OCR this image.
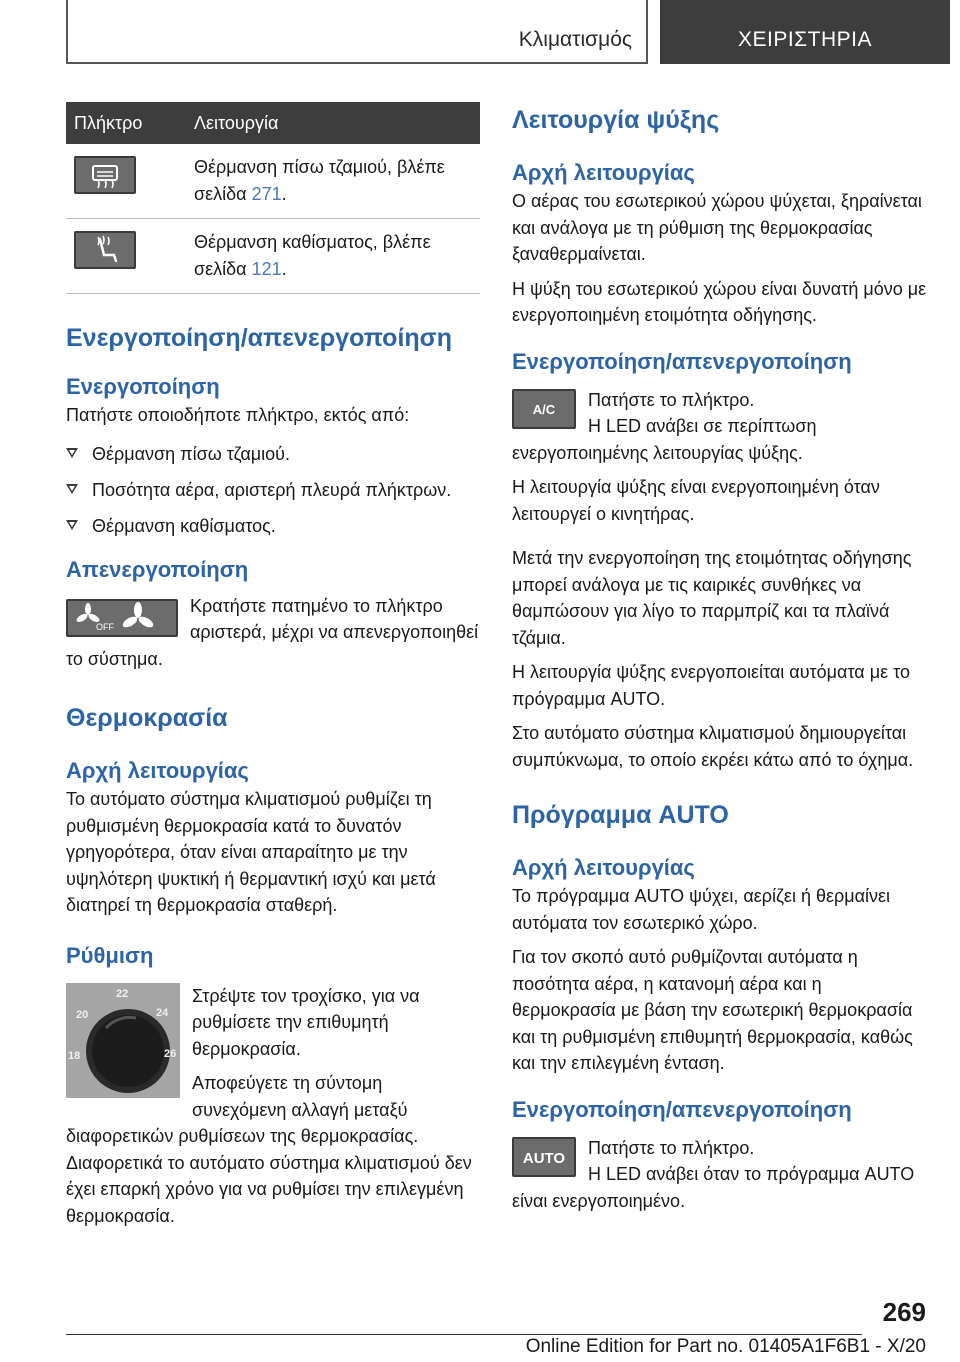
Κλιματισμός	ΧΕΙΡΙΣΤΗΡΙΑ
Πλήκτρο	Λειτουργία

	Θέρμανση πίσω τζαμιού, βλέπε σελίδα 271.

	Θέρμανση καθίσματος, βλέπε σελίδα 121.
Ενεργοποίηση/απενεργοποίηση
Ενεργοποίηση

Πατήστε οποιοδήποτε πλήκτρο, εκτός από:

Θέρμανση πίσω τζαμιού.
Ποσότητα αέρα, αριστερή πλευρά πλήκτρων.
Θέρμανση καθίσματος.
Απενεργοποίηση
OFF

Κρατήστε πατημένο το πλήκτρο αριστερά, μέχρι να απενεργοποιηθεί το σύστημα.

Θερμοκρασία
Αρχή λειτουργίας

Το αυτόματο σύστημα κλιματισμού ρυθμίζει τη ρυθμισμένη θερμοκρασία κατά το δυνατόν γρηγορότερα, όταν είναι απαραίτητο με την υψηλότερη ψυκτική ή θερμαντική ισχύ και μετά διατηρεί τη θερμοκρασία σταθερή.

Ρύθμιση
18
20
22
24
26

Στρέψτε τον τροχίσκο, για να ρυθμίσετε την επιθυμητή θερμοκρασία.

Αποφεύγετε τη σύντομη συνεχόμενη αλλαγή μεταξύ διαφορετικών ρυθμίσεων της θερμοκρασίας. Διαφορετικά το αυτόματο σύστημα κλιματισμού δεν έχει επαρκή χρόνο για να ρυθμίσει την επιλεγμένη θερμοκρασία.

Λειτουργία ψύξης
Αρχή λειτουργίας

Ο αέρας του εσωτερικού χώρου ψύχεται, ξηραίνεται και ανάλογα με τη ρύθμιση της θερμοκρασίας ξαναθερμαίνεται.

Η ψύξη του εσωτερικού χώρου είναι δυνατή μόνο με ενεργοποιημένη ετοιμότητα οδήγησης.

Ενεργοποίηση/απενεργοποίηση
A/C	Πατήστε το πλήκτρο.

Η LED ανάβει σε περίπτωση ενεργοποιημένης λειτουργίας ψύξης.

Η λειτουργία ψύξης είναι ενεργοποιημένη όταν λειτουργεί ο κινητήρας.

Μετά την ενεργοποίηση της ετοιμότητας οδήγησης μπορεί ανάλογα με τις καιρικές συνθήκες να θαμπώσουν για λίγο το παρμπρίζ και τα πλαϊνά τζάμια.

Η λειτουργία ψύξης ενεργοποιείται αυτόματα με το πρόγραμμα AUTO.

Στο αυτόματο σύστημα κλιματισμού δημιουργείται συμπύκνωμα, το οποίο εκρέει κάτω από το όχημα.

Πρόγραμμα AUTO
Αρχή λειτουργίας

Το πρόγραμμα AUTO ψύχει, αερίζει ή θερμαίνει αυτόματα τον εσωτερικό χώρο.

Για τον σκοπό αυτό ρυθμίζονται αυτόματα η ποσότητα αέρα, η κατανομή αέρα και η θερμοκρασία με βάση την εσωτερική θερμοκρασία και τη ρυθμισμένη επιθυμητή θερμοκρασία, καθώς και την επιλεγμένη ένταση.

Ενεργοποίηση/απενεργοποίηση
AUTO

Πατήστε το πλήκτρο.

Η LED ανάβει όταν το πρόγραμμα AUTO είναι ενεργοποιημένο.

269
Online Edition for Part no. 01405A1F6B1 - X/20
